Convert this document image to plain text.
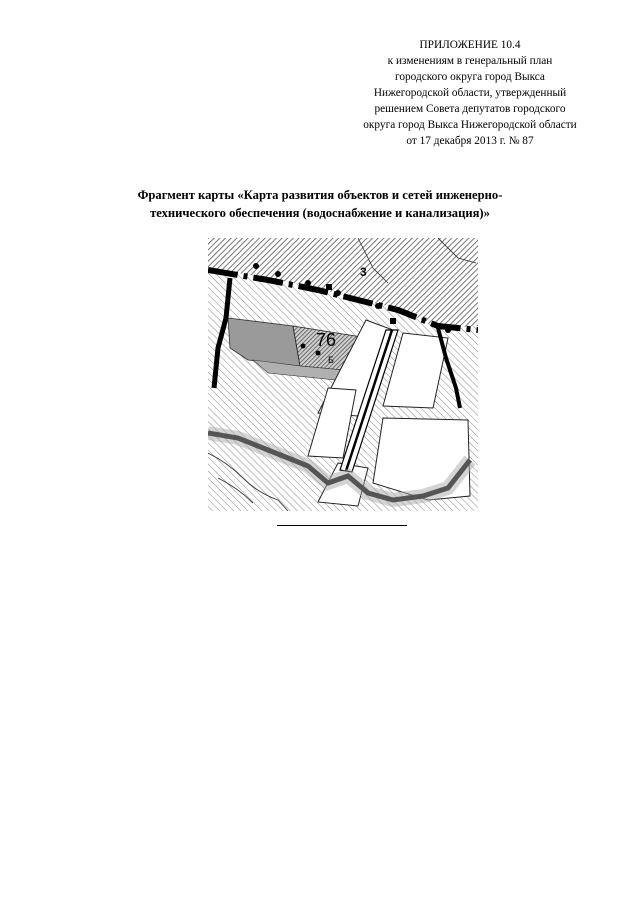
ПРИЛОЖЕНИЕ 10.4
к изменениям в генеральный план
городского округа город Выкса
Нижегородской области, утвержденный
решением Совета депутатов городского
округа город Выкса Нижегородской области
от 17 декабря 2013 г. № 87
Фрагмент карты «Карта развития объектов и сетей инженерно-
технического обеспечения (водоснабжение и канализация)»
76
3
Б
